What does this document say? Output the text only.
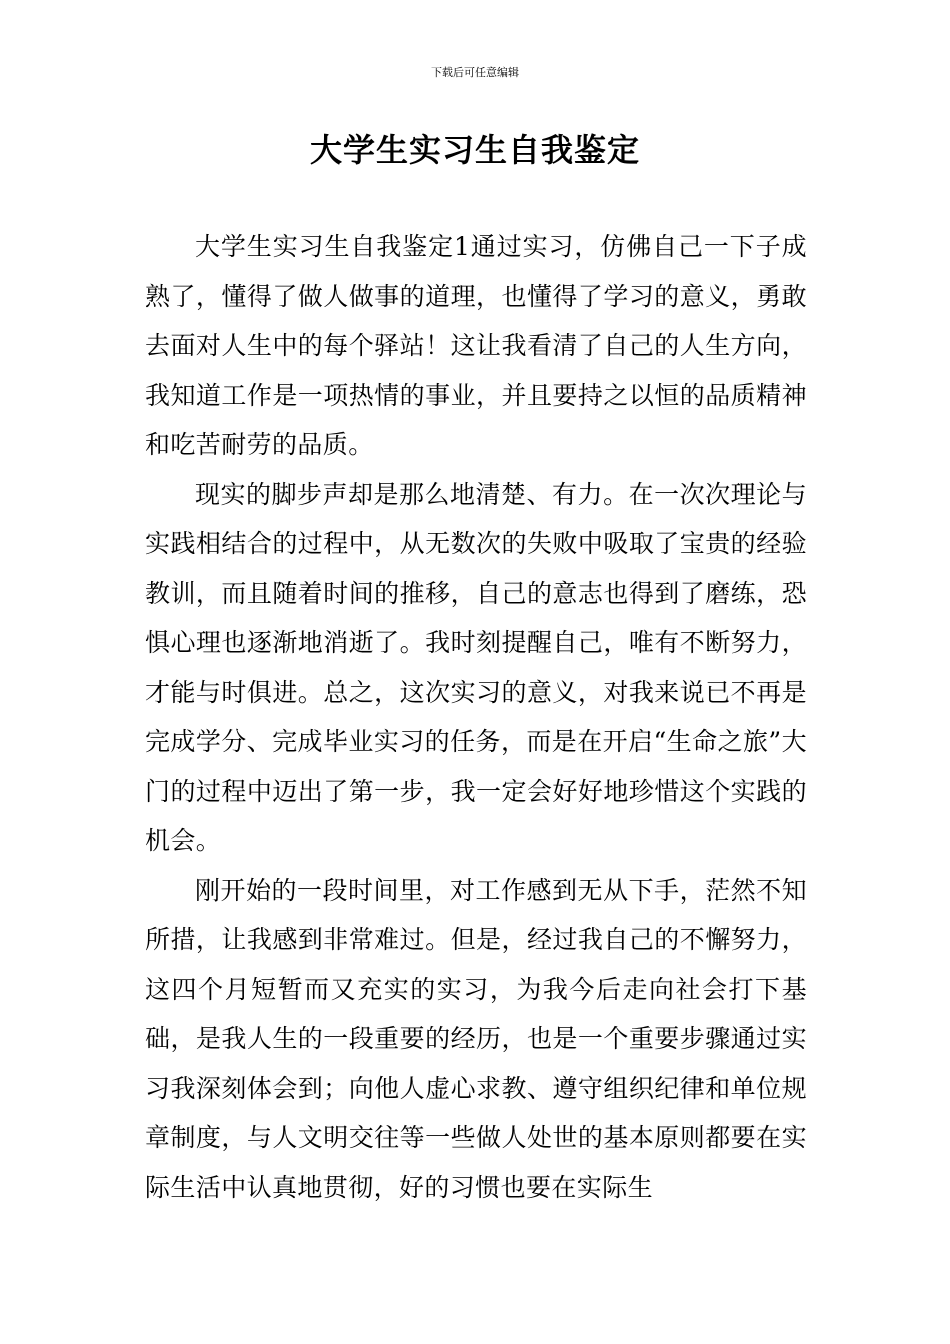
下载后可任意编辑
大学生实习生自我鉴定

大学生实习生自我鉴定1通过实习，仿佛自己一下子成熟了，懂得了做人做事的道理，也懂得了学习的意义，勇敢去面对人生中的每个驿站！这让我看清了自己的人生方向，我知道工作是一项热情的事业，并且要持之以恒的品质精神和吃苦耐劳的品质。

现实的脚步声却是那么地清楚、有力。在一次次理论与实践相结合的过程中，从无数次的失败中吸取了宝贵的经验教训，而且随着时间的推移，自己的意志也得到了磨练，恐惧心理也逐渐地消逝了。我时刻提醒自己，唯有不断努力，才能与时俱进。总之，这次实习的意义，对我来说已不再是完成学分、完成毕业实习的任务，而是在开启“生命之旅”大门的过程中迈出了第一步，我一定会好好地珍惜这个实践的机会。

刚开始的一段时间里，对工作感到无从下手，茫然不知所措，让我感到非常难过。但是，经过我自己的不懈努力，这四个月短暂而又充实的实习，为我今后走向社会打下基础，是我人生的一段重要的经历，也是一个重要步骤通过实习我深刻体会到；向他人虚心求教、遵守组织纪律和单位规章制度，与人文明交往等一些做人处世的基本原则都要在实际生活中认真地贯彻，好的习惯也要在实际生
